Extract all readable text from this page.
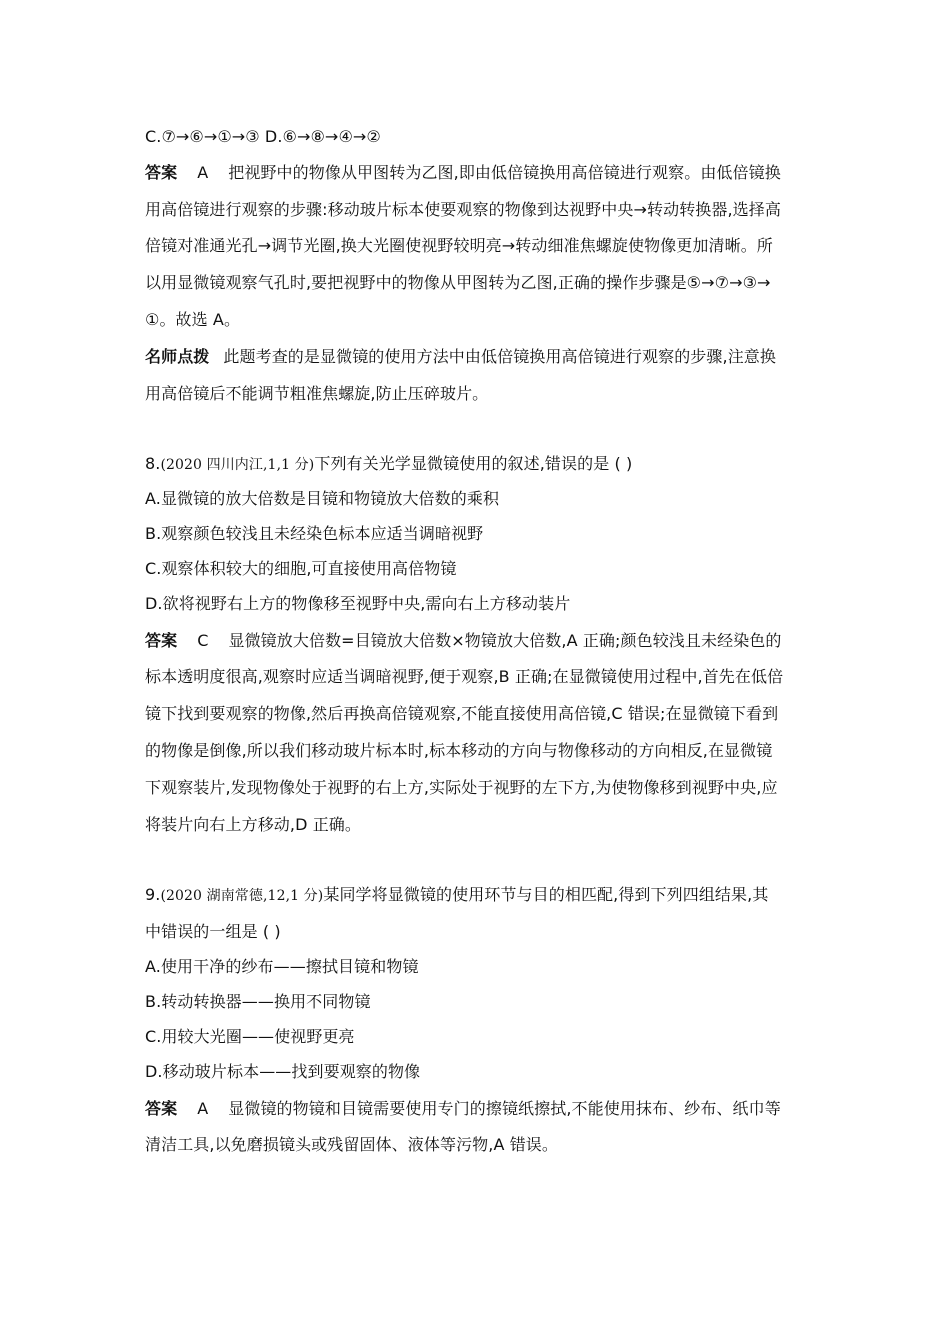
C.⑦→⑥→①→③ D.⑥→⑧→④→②
答案 A 把视野中的物像从甲图转为乙图,即由低倍镜换用高倍镜进行观察。由低倍镜换
用高倍镜进行观察的步骤:移动玻片标本使要观察的物像到达视野中央→转动转换器,选择高
倍镜对准通光孔→调节光圈,换大光圈使视野较明亮→转动细准焦螺旋使物像更加清晰。所
以用显微镜观察气孔时,要把视野中的物像从甲图转为乙图,正确的操作步骤是⑤→⑦→③→
①。故选 A。
名师点拨 此题考查的是显微镜的使用方法中由低倍镜换用高倍镜进行观察的步骤,注意换
用高倍镜后不能调节粗准焦螺旋,防止压碎玻片。
8.(2020 四川内江,1,1 分)下列有关光学显微镜使用的叙述,错误的是 ( )
A.显微镜的放大倍数是目镜和物镜放大倍数的乘积
B.观察颜色较浅且未经染色标本应适当调暗视野
C.观察体积较大的细胞,可直接使用高倍物镜
D.欲将视野右上方的物像移至视野中央,需向右上方移动装片
答案 C 显微镜放大倍数=目镜放大倍数×物镜放大倍数,A 正确;颜色较浅且未经染色的
标本透明度很高,观察时应适当调暗视野,便于观察,B 正确;在显微镜使用过程中,首先在低倍
镜下找到要观察的物像,然后再换高倍镜观察,不能直接使用高倍镜,C 错误;在显微镜下看到
的物像是倒像,所以我们移动玻片标本时,标本移动的方向与物像移动的方向相反,在显微镜
下观察装片,发现物像处于视野的右上方,实际处于视野的左下方,为使物像移到视野中央,应
将装片向右上方移动,D 正确。
9.(2020 湖南常德,12,1 分)某同学将显微镜的使用环节与目的相匹配,得到下列四组结果,其
中错误的一组是 ( )
A.使用干净的纱布——擦拭目镜和物镜
B.转动转换器——换用不同物镜
C.用较大光圈——使视野更亮
D.移动玻片标本——找到要观察的物像
答案 A 显微镜的物镜和目镜需要使用专门的擦镜纸擦拭,不能使用抹布、纱布、纸巾等
清洁工具,以免磨损镜头或残留固体、液体等污物,A 错误。
